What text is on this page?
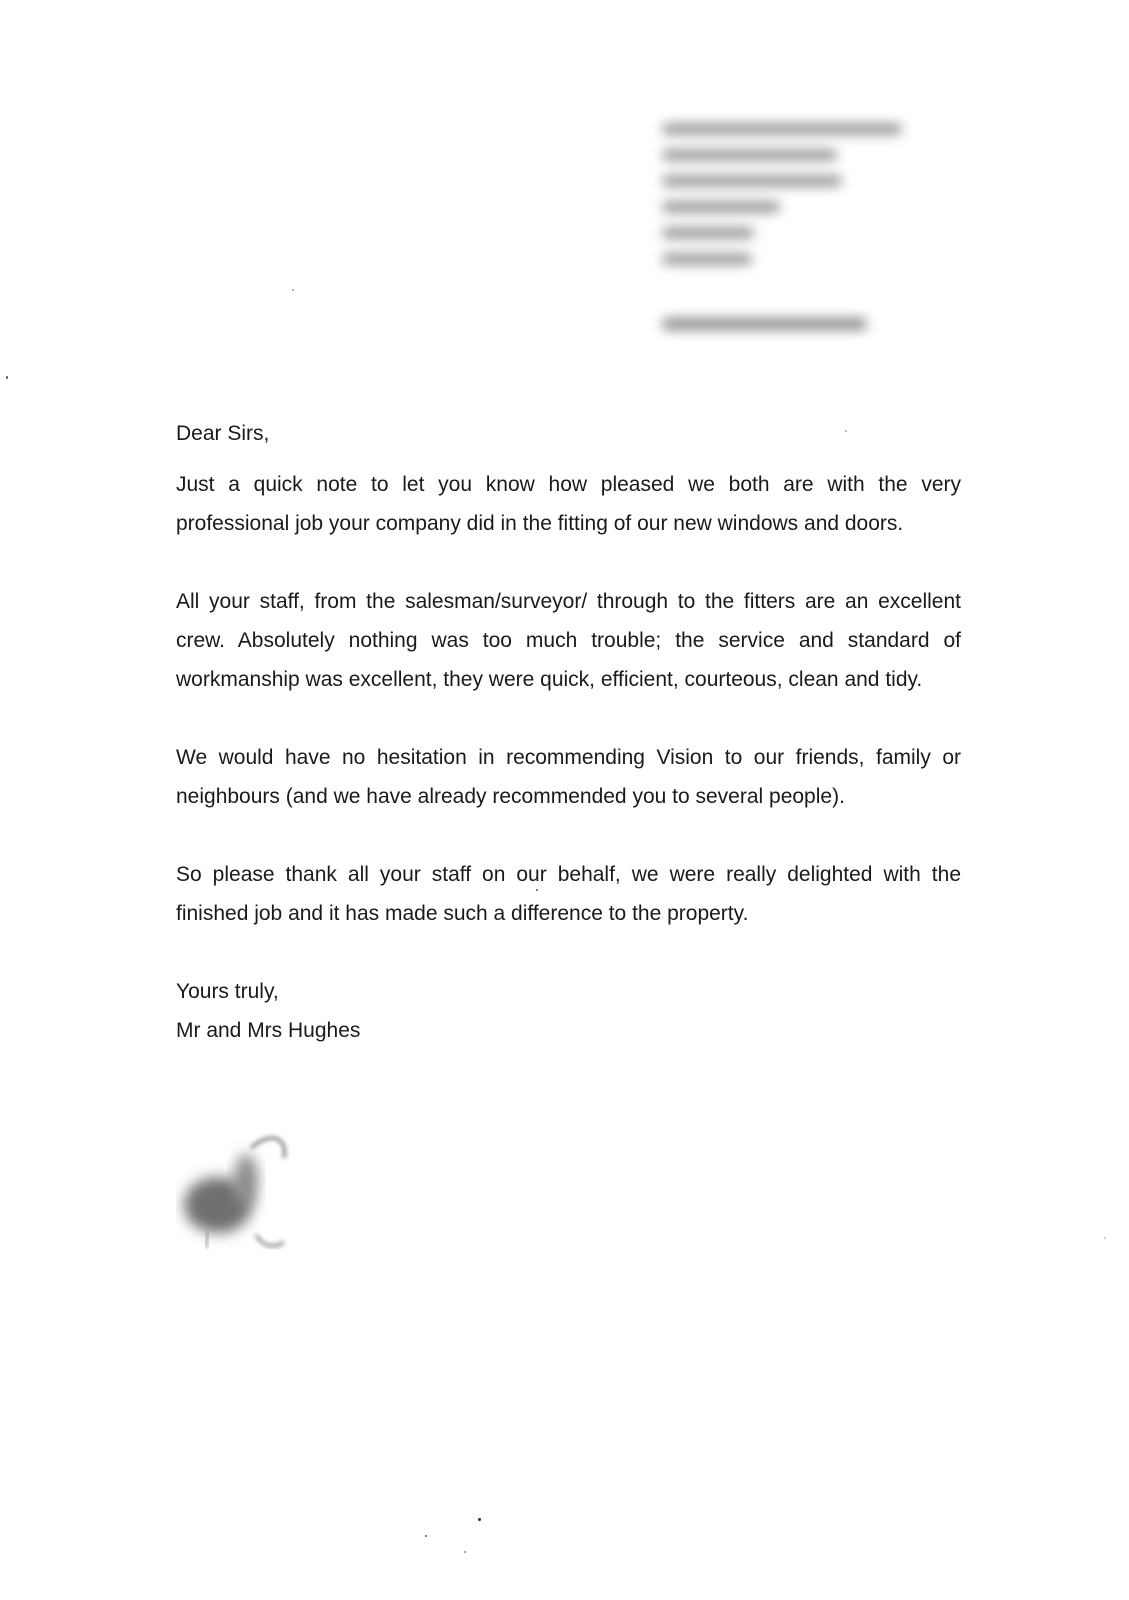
Dear Sirs,

Just a quick note to let you know how pleased we both are with the very professional job your company did in the fitting of our new windows and doors.

All your staff, from the salesman/surveyor/ through to the fitters are an excellent crew. Absolutely nothing was too much trouble; the service and standard of workmanship was excellent, they were quick, efficient, courteous, clean and tidy.

We would have no hesitation in recommending Vision to our friends, family or neighbours (and we have already recommended you to several people).

So please thank all your staff on our behalf, we were really delighted with the finished job and it has made such a difference to the property.

Yours truly,

Mr and Mrs Hughes
